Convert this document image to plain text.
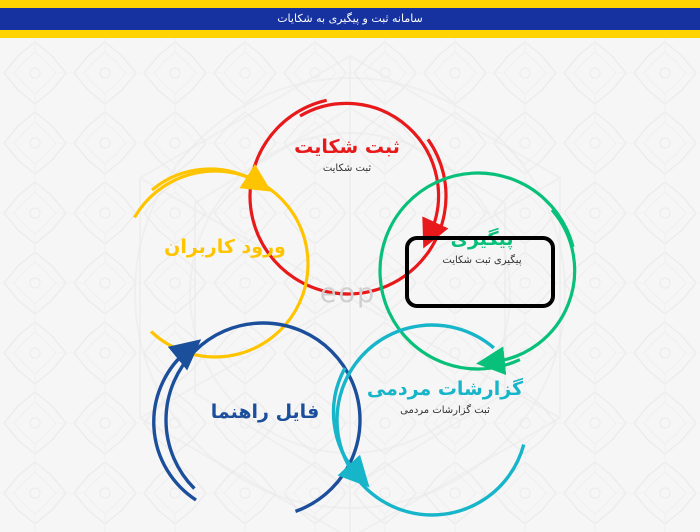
سامانه ثبت و پیگیری به شکایات
eop
ثبت شکایت
ثبت شکایت
پیگیری
پیگیری ثبت شکایت
ورود کاربران
فایل راهنما
گزارشات مردمی
ثبت گزارشات مردمی
